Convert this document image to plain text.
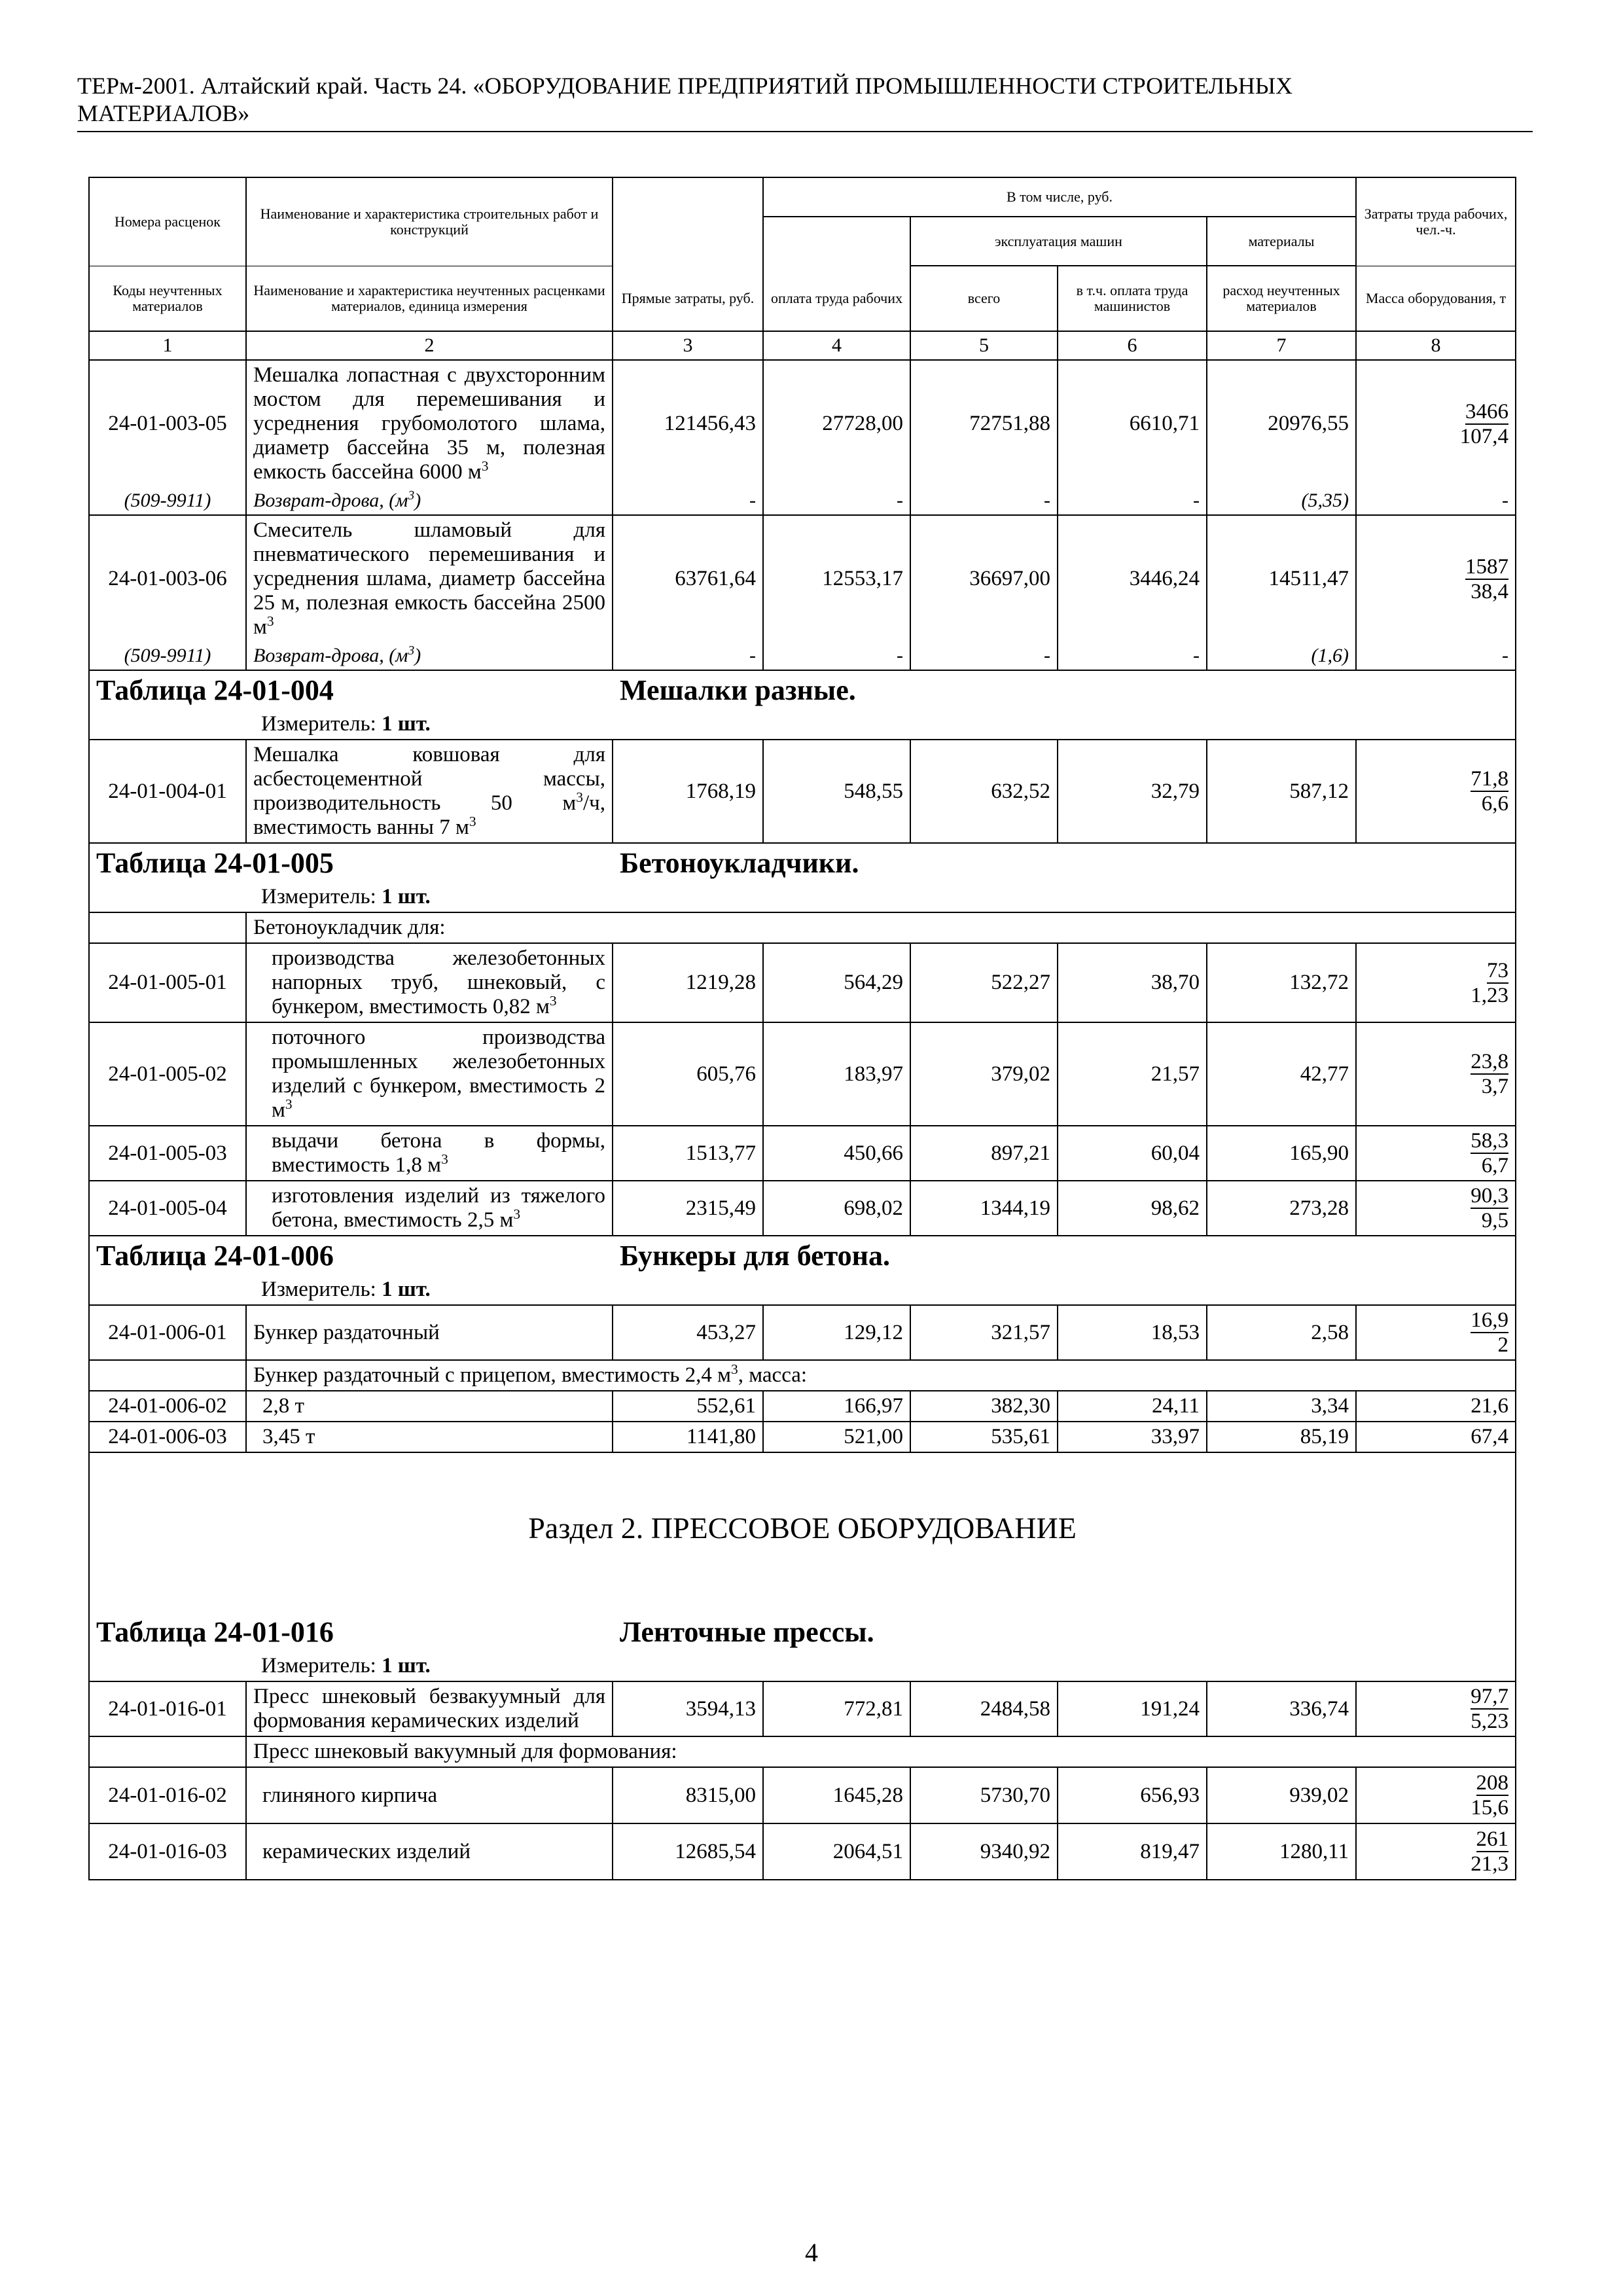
ТЕРм-2001. Алтайский край. Часть 24. «ОБОРУДОВАНИЕ ПРЕДПРИЯТИЙ ПРОМЫШЛЕННОСТИ СТРОИТЕЛЬНЫХ
МАТЕРИАЛОВ»
Номера расценок	Наименование и характеристика строительных работ и конструкций		В том числе, руб.				Затраты труда рабочих, чел.-ч.
				эксплуатация машин		материалы	
Коды неучтенных материалов	Наименование и характеристика неучтенных расценками материалов, единица измерения	Прямые затраты, руб.	оплата труда рабочих	всего	в т.ч. оплата труда машинистов	расход неучтенных материалов	Масса оборудования, т
1	2	3	4	5	6	7	8
24-01-003-05	Мешалка лопастная с двухсторонним мостом для перемешивания и усреднения грубомолотого шлама, диаметр бассейна 35 м, полезная емкость бассейна 6000 $м^3$	121456,43	27728,00	72751,88	6610,71	20976,55	$\frac{3466}{107,4}$

(509-9911)	Возврат-дрова, $(м^3)$	-	-	-	-	(5,35)	-
24-01-003-06	Смеситель шламовый для пневматического перемешивания и усреднения шлама, диаметр бассейна 25 м, полезная емкость бассейна 2500 $м^3$	63761,64	12553,17	36697,00	3446,24	14511,47	$\frac{1587}{38,4}$

(509-9911)	Возврат-дрова, $(м^3)$	-	-	-	-	(1,6)	-

Таблица 24-01-004 Мешалки разные.
Измеритель: 1 шт.							

24-01-004-01	Мешалка ковшовая для асбестоцементной массы, производительность 50 $м^3/ч$, вместимость ванны 7 $м^3$	1768,19	548,55	632,52	32,79	587,12	$\frac{71,8}{6,6}$

Таблица 24-01-005 Бетоноукладчики.
Измеритель: 1 шт.							

	Бетоноукладчик для:						
24-01-005-01	производства железобетонных напорных труб, шнековый, с бункером, вместимость 0,82 $м^3$	1219,28	564,29	522,27	38,70	132,72	$\frac{73}{1,23}$

24-01-005-02	поточного производства промышленных железобетонных изделий с бункером, вместимость 2 $м^3$	605,76	183,97	379,02	21,57	42,77	$\frac{23,8}{3,7}$

24-01-005-03	выдачи бетона в формы, вместимость 1,8 $м^3$	1513,77	450,66	897,21	60,04	165,90	$\frac{58,3}{6,7}$

24-01-005-04	изготовления изделий из тяжелого бетона, вместимость 2,5 $м^3$	2315,49	698,02	1344,19	98,62	273,28	$\frac{90,3}{9,5}$

Таблица 24-01-006 Бункеры для бетона.
Измеритель: 1 шт.							

24-01-006-01	Бункер раздаточный	453,27	129,12	321,57	18,53	2,58	$\frac{16,9}{2}$

	Бункер раздаточный с прицепом, вместимость 2,4 $м^3$, масса:						
24-01-006-02	2,8 т	552,61	166,97	382,30	24,11	3,34	21,6
24-01-006-03	3,45 т	1141,80	521,00	535,61	33,97	85,19	67,4
Раздел 2. ПРЕССОВОЕ ОБОРУДОВАНИЕ							

Таблица 24-01-016 Ленточные прессы.
Измеритель: 1 шт.							

24-01-016-01	Пресс шнековый безвакуумный для формования керамических изделий	3594,13	772,81	2484,58	191,24	336,74	$\frac{97,7}{5,23}$

	Пресс шнековый вакуумный для формования:						
24-01-016-02	глиняного кирпича	8315,00	1645,28	5730,70	656,93	939,02	$\frac{208}{15,6}$

24-01-016-03	керамических изделий	12685,54	2064,51	9340,92	819,47	1280,11	$\frac{261}{21,3}$
4
